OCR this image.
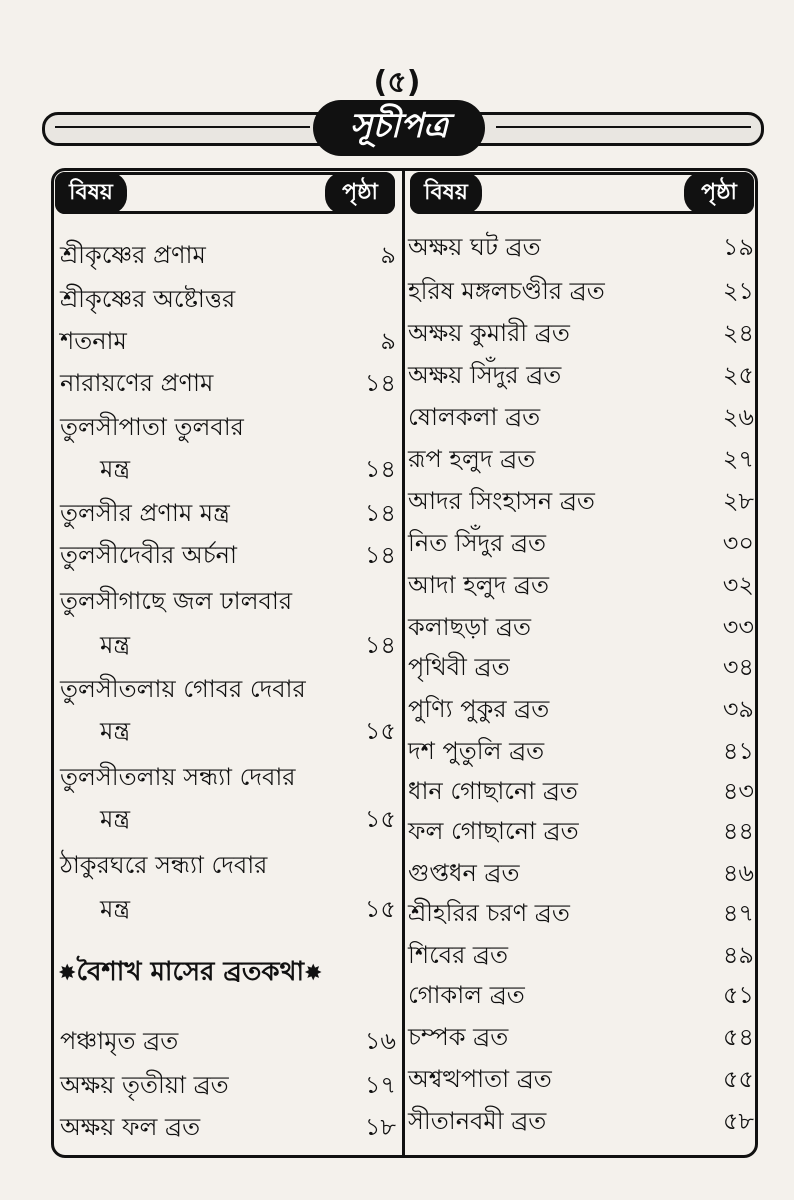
(৫)
সূচীপত্র
বিষয়	পৃষ্ঠা	বিষয়	পৃষ্ঠা
শ্রীকৃষ্ণের প্রণাম	৯
শ্রীকৃষ্ণের অষ্টোত্তর
শতনাম	৯
নারায়ণের প্রণাম	১৪
তুলসীপাতা তুলবার
মন্ত্র	১৪
তুলসীর প্রণাম মন্ত্র	১৪
তুলসীদেবীর অর্চনা	১৪
তুলসীগাছে জল ঢালবার
মন্ত্র	১৪
তুলসীতলায় গোবর দেবার
মন্ত্র	১৫
তুলসীতলায় সন্ধ্যা দেবার
মন্ত্র	১৫
ঠাকুরঘরে সন্ধ্যা দেবার
মন্ত্র	১৫
✸বৈশাখ মাসের ব্রতকথা✸
পঞ্চামৃত ব্রত	১৬
অক্ষয় তৃতীয়া ব্রত	১৭
অক্ষয় ফল ব্রত	১৮
অক্ষয় ঘট ব্রত	১৯
হরিষ মঙ্গলচণ্ডীর ব্রত	২১
অক্ষয় কুমারী ব্রত	২৪
অক্ষয় সিঁদুর ব্রত	২৫
ষোলকলা ব্রত	২৬
রূপ হলুদ ব্রত	২৭
আদর সিংহাসন ব্রত	২৮
নিত সিঁদুর ব্রত	৩০
আদা হলুদ ব্রত	৩২
কলাছড়া ব্রত	৩৩
পৃথিবী ব্রত	৩৪
পুণ্যি পুকুর ব্রত	৩৯
দশ পুতুলি ব্রত	৪১
ধান গোছানো ব্রত	৪৩
ফল গোছানো ব্রত	৪৪
গুপ্তধন ব্রত	৪৬
শ্রীহরির চরণ ব্রত	৪৭
শিবের ব্রত	৪৯
গোকাল ব্রত	৫১
চম্পক ব্রত	৫৪
অশ্বত্থপাতা ব্রত	৫৫
সীতানবমী ব্রত	৫৮
